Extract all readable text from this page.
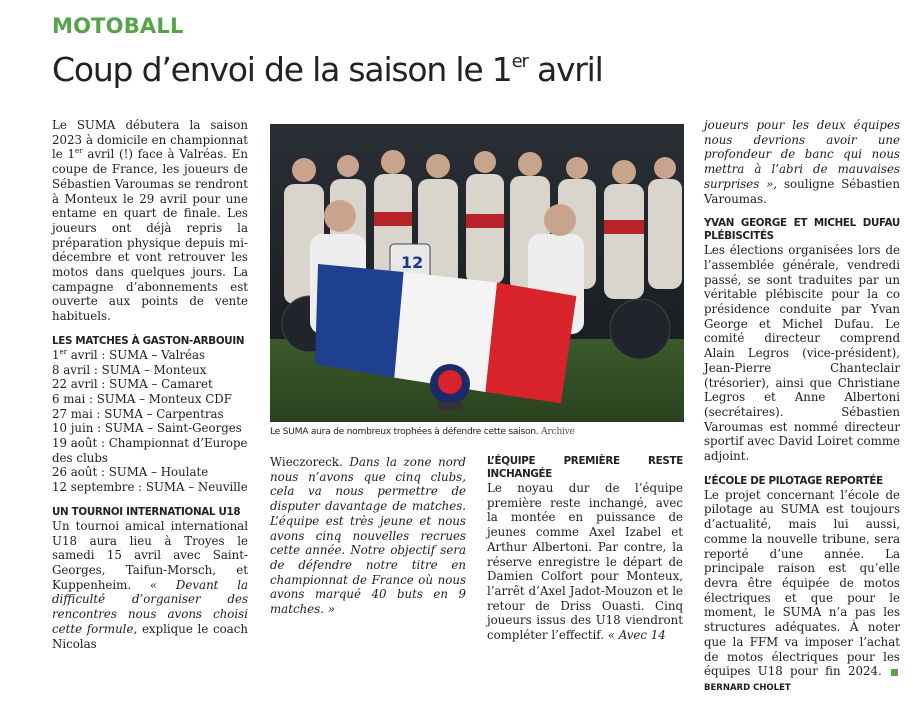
MOTOBALL
Coup d’envoi de la saison le 1er avril

Le SUMA débutera la saison 2023 à domicile en championnat le 1er avril (!) face à Valréas. En coupe de France, les joueurs de Sébastien Varoumas se rendront à Monteux le 29 avril pour une entame en quart de finale. Les joueurs ont déjà repris la préparation physique depuis mi-décembre et vont retrouver les motos dans quelques jours. La campagne d’abonnements est ouverte aux points de vente habituels.

LES MATCHES À GASTON-ARBOUIN

1er avril : SUMA – Valréas
8 avril : SUMA – Monteux
22 avril : SUMA – Camaret
6 mai : SUMA – Monteux CDF
27 mai : SUMA – Carpentras
10 juin : SUMA – Saint-Georges
19 août : Championnat d’Europe des clubs
26 août : SUMA – Houlate
12 septembre : SUMA – Neuville

UN TOURNOI INTERNATIONAL U18

Un tournoi amical international U18 aura lieu à Troyes le samedi 15 avril avec Saint-Georges, Taifun-Morsch, et Kuppenheim. « Devant la difficulté d’organiser des rencontres nous avons choisi cette formule, explique le coach Nicolas

12
Le SUMA aura de nombreux trophées à défendre cette saison. Archive

Wieczoreck. Dans la zone nord nous n’avons que cinq clubs, cela va nous permettre de disputer davantage de matches. L’équipe est très jeune et nous avons cinq nouvelles recrues cette année. Notre objectif sera de défendre notre titre en championnat de France où nous avons marqué 40 buts en 9 matches. »

L’ÉQUIPE PREMIÈRE RESTE INCHANGÉE

Le noyau dur de l’équipe première reste inchangé, avec la montée en puissance de jeunes comme Axel Izabel et Arthur Albertoni. Par contre, la réserve enregistre le départ de Damien Colfort pour Monteux, l’arrêt d’Axel Jadot-Mouzon et le retour de Driss Ouasti. Cinq joueurs issus des U18 viendront compléter l’effectif. « Avec 14

joueurs pour les deux équipes nous devrions avoir une profondeur de banc qui nous mettra à l’abri de mauvaises surprises », souligne Sébastien Varoumas.

YVAN GEORGE ET MICHEL DUFAU PLÉBISCITÉS

Les élections organisées lors de l’assemblée générale, vendredi passé, se sont traduites par un véritable plébiscite pour la co présidence conduite par Yvan George et Michel Dufau. Le comité directeur comprend Alain Legros (vice-président), Jean-Pierre Chanteclair (trésorier), ainsi que Christiane Legros et Anne Albertoni (secrétaires). Sébastien Varoumas est nommé directeur sportif avec David Loiret comme adjoint.

L’ÉCOLE DE PILOTAGE REPORTÉE

Le projet concernant l’école de pilotage au SUMA est toujours d’actualité, mais lui aussi, comme la nouvelle tribune, sera reporté d’une année. La principale raison est qu’elle devra être équipée de motos électriques et que pour le moment, le SUMA n’a pas les structures adéquates. À noter que la FFM va imposer l’achat de motos électriques pour les équipes U18 pour fin 2024. BERNARD CHOLET
